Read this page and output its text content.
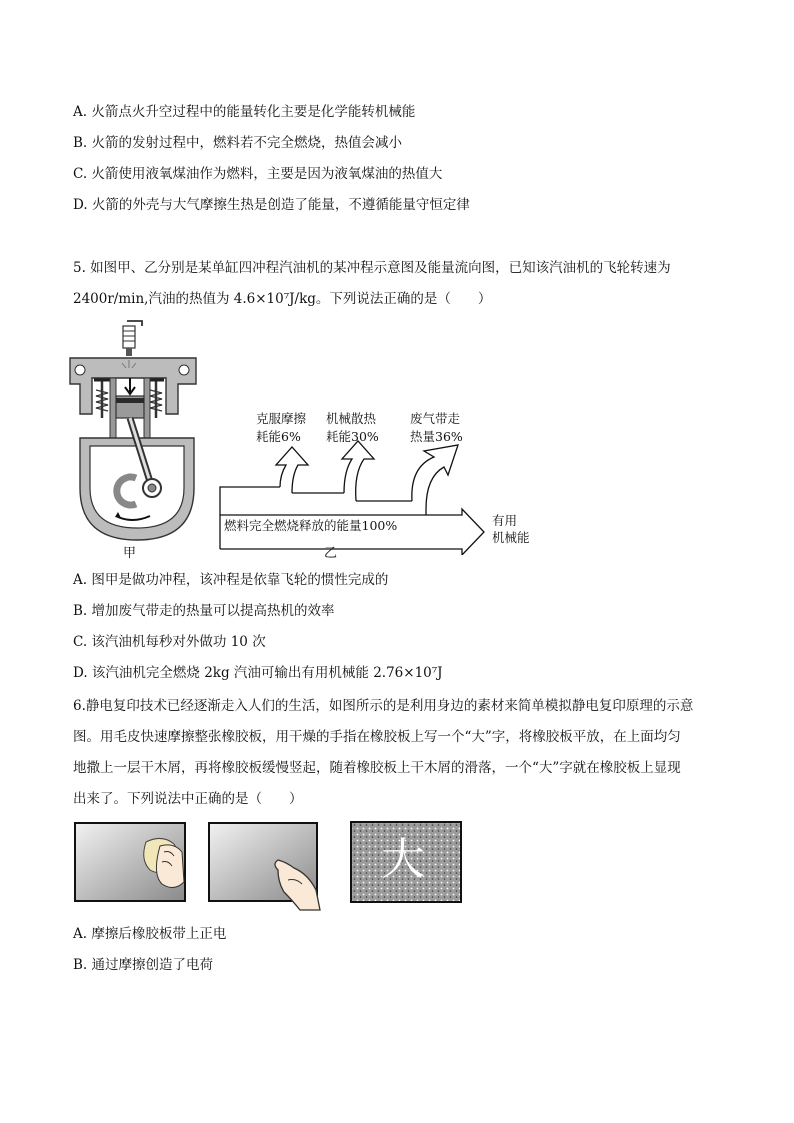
A. 火箭点火升空过程中的能量转化主要是化学能转机械能
B. 火箭的发射过程中，燃料若不完全燃烧，热值会减小
C. 火箭使用液氧煤油作为燃料，主要是因为液氧煤油的热值大
D. 火箭的外壳与大气摩擦生热是创造了能量，不遵循能量守恒定律
5. 如图甲、乙分别是某单缸四冲程汽油机的某冲程示意图及能量流向图，已知该汽油机的飞轮转速为
2400r/min,汽油的热值为 4.6×10⁷J/kg。下列说法正确的是（　　）
甲
克服摩擦
耗能6%
机械散热
耗能30%
废气带走
热量36%
燃料完全燃烧释放的能量100%	有用
机械能
乙
A. 图甲是做功冲程，该冲程是依靠飞轮的惯性完成的
B. 增加废气带走的热量可以提高热机的效率
C. 该汽油机每秒对外做功 10 次
D. 该汽油机完全燃烧 2kg 汽油可输出有用机械能 2.76×10⁷J
6.静电复印技术已经逐渐走入人们的生活，如图所示的是利用身边的素材来简单模拟静电复印原理的示意
图。用毛皮快速摩擦整张橡胶板，用干燥的手指在橡胶板上写一个“大”字，将橡胶板平放，在上面均匀
地撒上一层干木屑，再将橡胶板缓慢竖起，随着橡胶板上干木屑的滑落，一个“大”字就在橡胶板上显现
出来了。下列说法中正确的是（　　）
大
A. 摩擦后橡胶板带上正电
B. 通过摩擦创造了电荷
